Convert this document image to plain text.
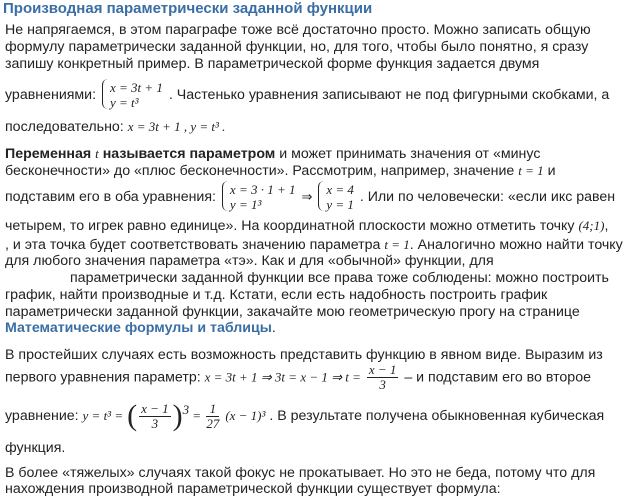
Производная параметрически заданной функции
Не напрягаемся, в этом параграфе тоже всё достаточно просто. Можно записать общую
формулу параметрически заданной функции, но, для того, чтобы было понятно, я сразу
запишу конкретный пример. В параметрической форме функция задается двумя
уравнениями: x = 3t + 1
y = t³	. Частенько уравнения записывают не под фигурными скобками, а
последовательно: x = 3t + 1 , y = t³ .
Переменная t называется параметром и может принимать значения от «минус
бесконечности» до «плюс бесконечности». Рассмотрим, например, значение t = 1 и
подставим его в оба уравнения: x = 3 · 1 + 1
y = 1³
⇒ x = 4
y = 1 . Или по человечески: «если икс равен
четырем, то игрек равно единице». На координатной плоскости можно отметить точку (4;1),
, и эта точка будет соответствовать значению параметра t = 1. Аналогично можно найти точку
для любого значения параметра «тэ». Как и для «обычной» функции, для
параметрически заданной функции все права тоже соблюдены: можно построить
график, найти производные и т.д. Кстати, если есть надобность построить график
параметрически заданной функции, закачайте мою геометрическую прогу на странице
Математические формулы и таблицы.
В простейших случаях есть возможность представить функцию в явном виде. Выразим из
первого уравнения параметр: x = 3t + 1 ⇒ 3t = x − 1 ⇒ $t = \frac{x - 1}{3} - и$ подставим его во второе
уравнение: y = t³ = ( $\frac{x - 1}{3} )^3 = \frac{1}{27} (x - 1)^3$ . В результате получена обыкновенная кубическая
функция.
В более «тяжелых» случаях такой фокус не прокатывает. Но это не беда, потому что для
нахождения производной параметрической функции существует формула:
